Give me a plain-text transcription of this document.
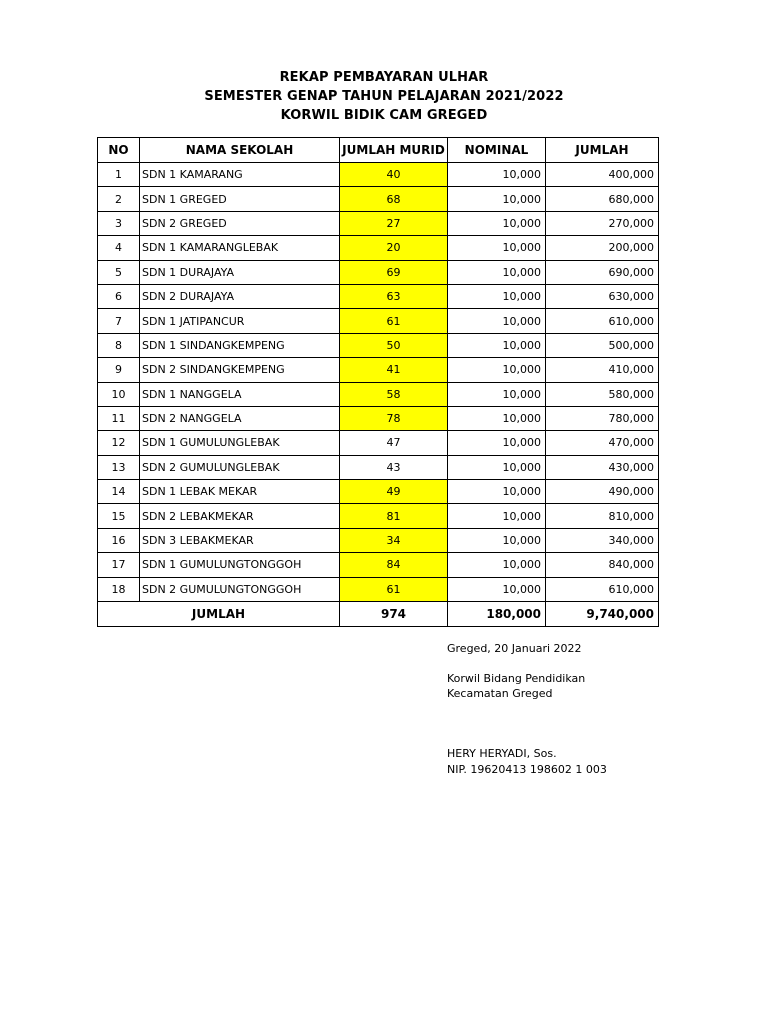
REKAP PEMBAYARAN ULHAR
SEMESTER GENAP TAHUN PELAJARAN 2021/2022
KORWIL BIDIK CAM GREGED
NO	NAMA SEKOLAH	JUMLAH MURID	NOMINAL	JUMLAH
1	SDN 1 KAMARANG	40	10,000	400,000
2	SDN 1 GREGED	68	10,000	680,000
3	SDN 2 GREGED	27	10,000	270,000
4	SDN 1 KAMARANGLEBAK	20	10,000	200,000
5	SDN 1 DURAJAYA	69	10,000	690,000
6	SDN 2 DURAJAYA	63	10,000	630,000
7	SDN 1 JATIPANCUR	61	10,000	610,000
8	SDN 1 SINDANGKEMPENG	50	10,000	500,000
9	SDN 2 SINDANGKEMPENG	41	10,000	410,000
10	SDN 1 NANGGELA	58	10,000	580,000
11	SDN 2 NANGGELA	78	10,000	780,000
12	SDN 1 GUMULUNGLEBAK	47	10,000	470,000
13	SDN 2 GUMULUNGLEBAK	43	10,000	430,000
14	SDN 1 LEBAK MEKAR	49	10,000	490,000
15	SDN 2 LEBAKMEKAR	81	10,000	810,000
16	SDN 3 LEBAKMEKAR	34	10,000	340,000
17	SDN 1 GUMULUNGTONGGOH	84	10,000	840,000
18	SDN 2 GUMULUNGTONGGOH	61	10,000	610,000
JUMLAH		974	180,000	9,740,000
Greged, 20 Januari 2022
Korwil Bidang Pendidikan
Kecamatan Greged
HERY HERYADI, Sos.
NIP. 19620413 198602 1 003
